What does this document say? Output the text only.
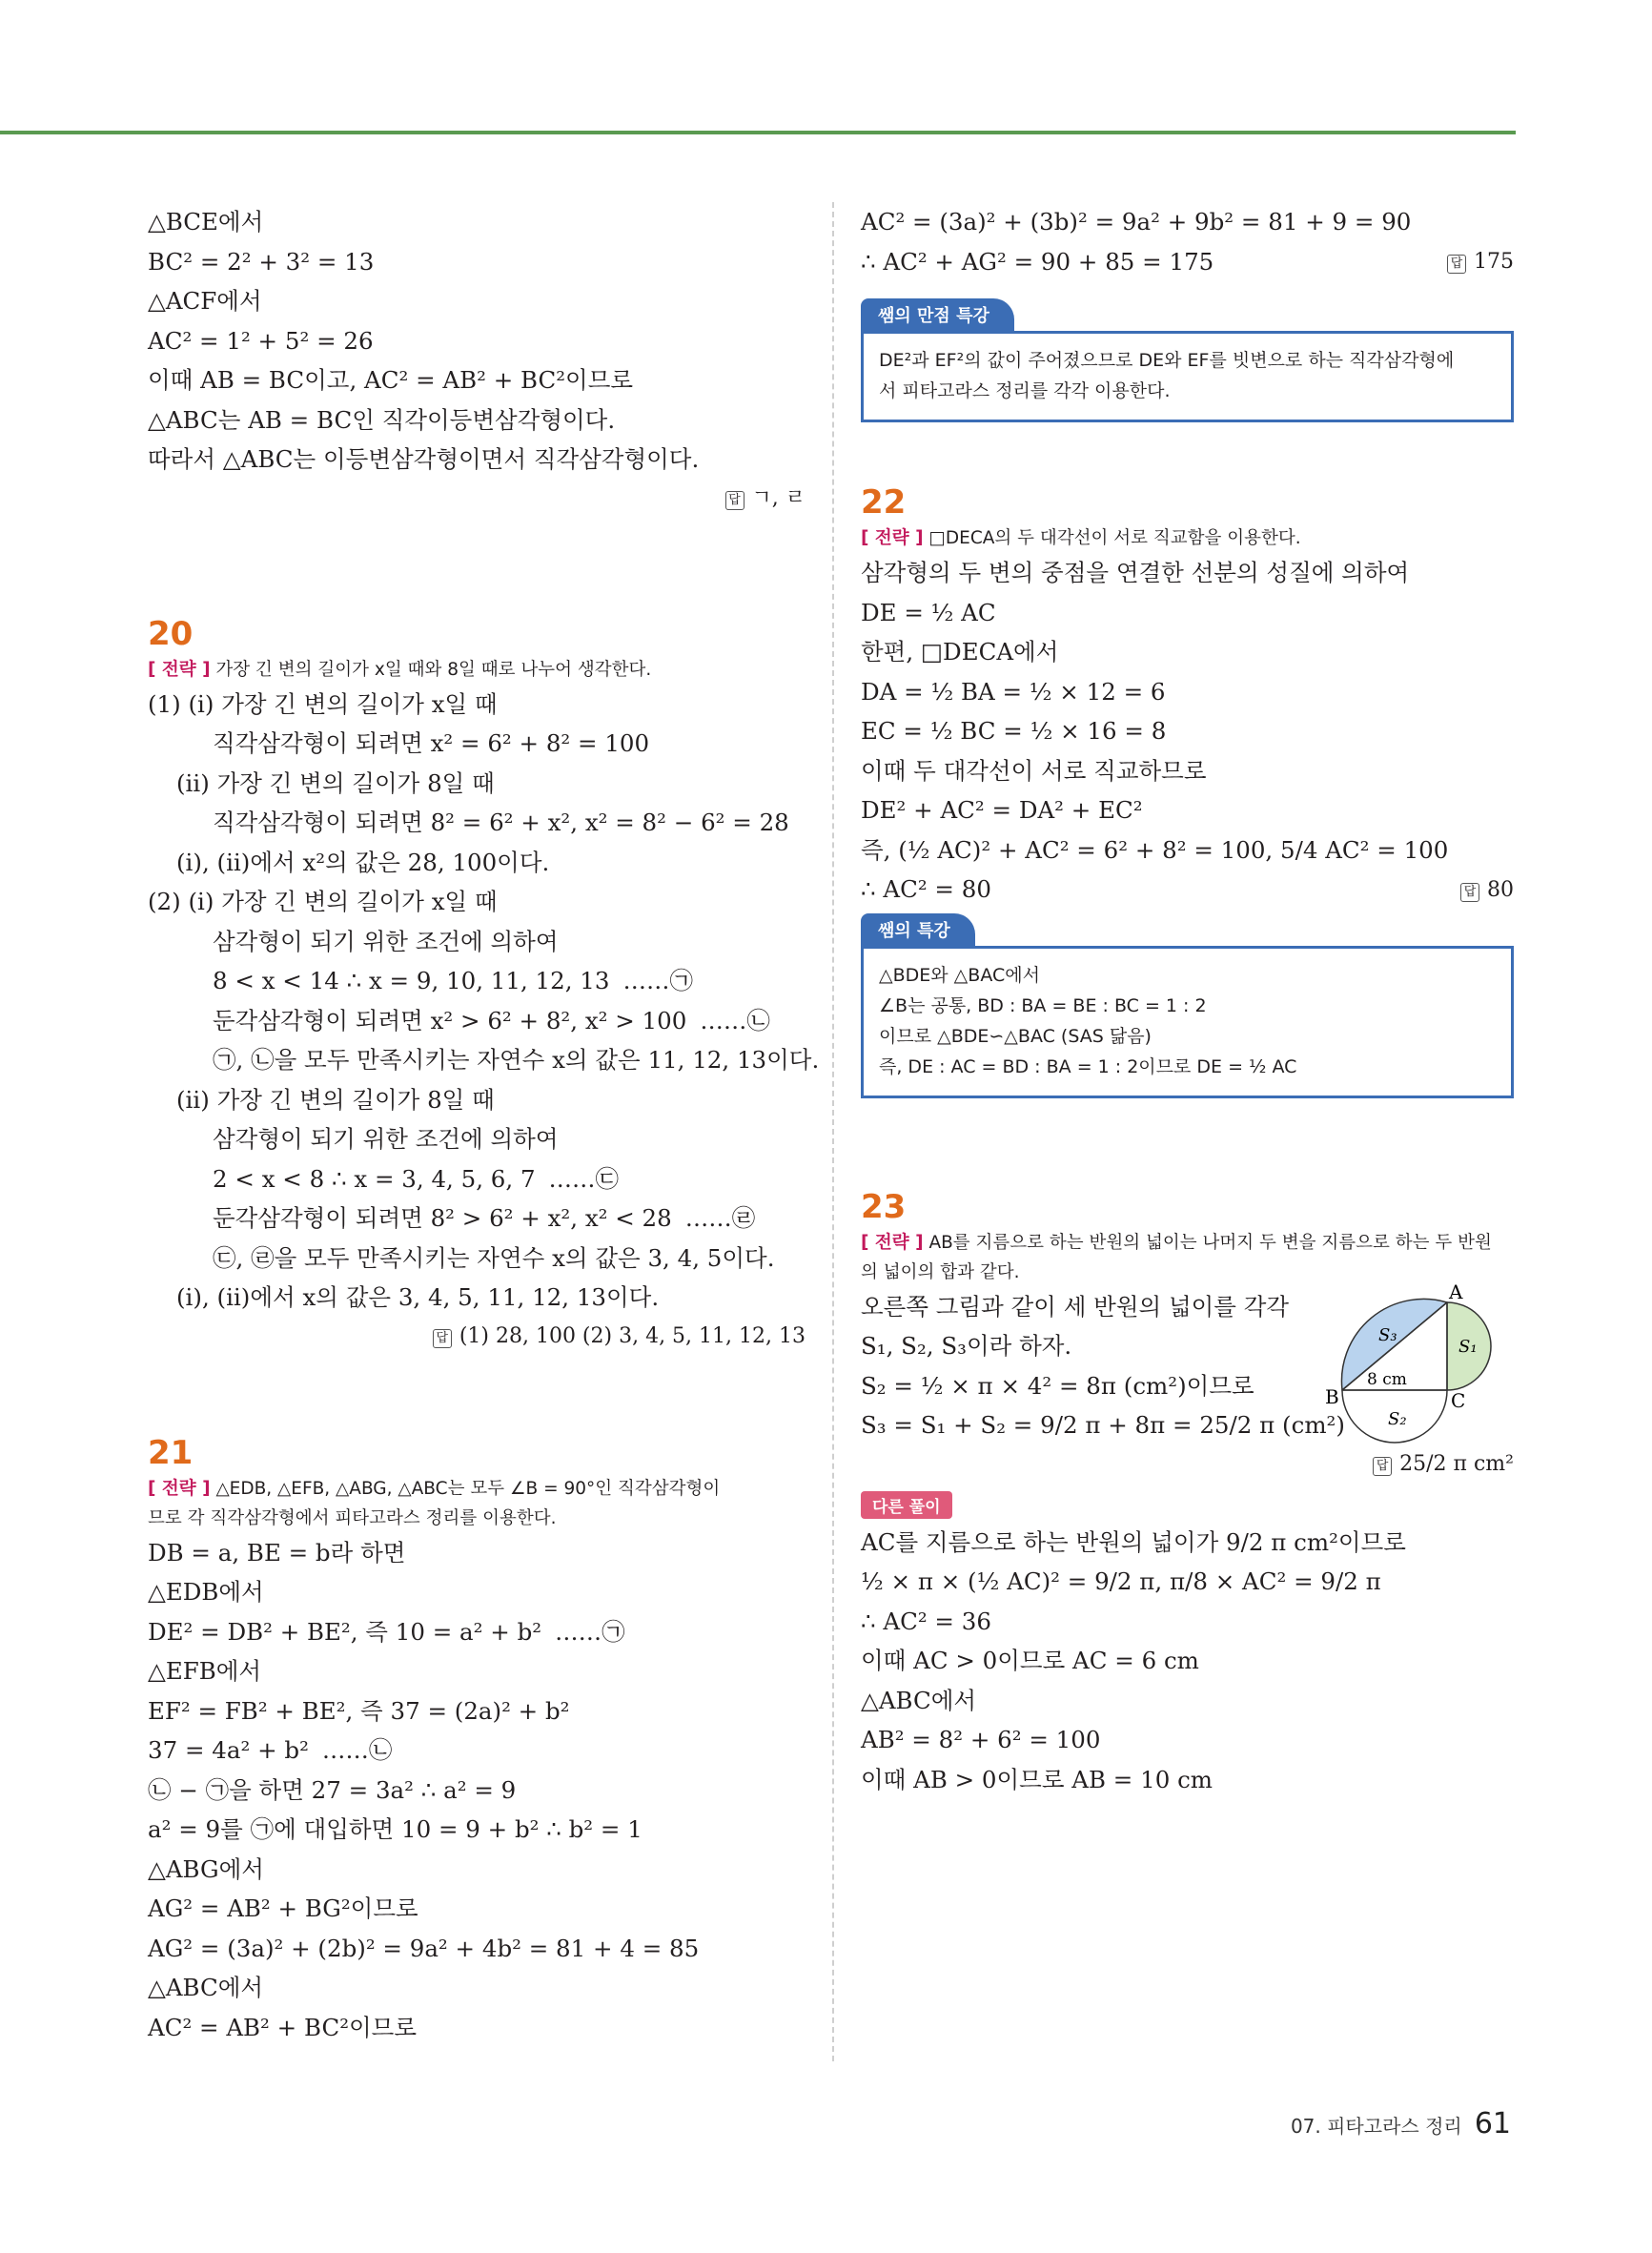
△BCE에서
BC² = 2² + 3² = 13
△ACF에서
AC² = 1² + 5² = 26
이때 AB = BC이고, AC² = AB² + BC²이므로
△ABC는 AB = BC인 직각이등변삼각형이다.
따라서 △ABC는 이등변삼각형이면서 직각삼각형이다.
답 ㄱ, ㄹ
20
[ 전략 ] 가장 긴 변의 길이가 x일 때와 8일 때로 나누어 생각한다.
(1) (ⅰ) 가장 긴 변의 길이가 x일 때
직각삼각형이 되려면 x² = 6² + 8² = 100
(ⅱ) 가장 긴 변의 길이가 8일 때
직각삼각형이 되려면 8² = 6² + x², x² = 8² − 6² = 28
(ⅰ), (ⅱ)에서 x²의 값은 28, 100이다.
(2) (ⅰ) 가장 긴 변의 길이가 x일 때
삼각형이 되기 위한 조건에 의하여
8 < x < 14 ∴ x = 9, 10, 11, 12, 13 ……㉠
둔각삼각형이 되려면 x² > 6² + 8², x² > 100 ……㉡
㉠, ㉡을 모두 만족시키는 자연수 x의 값은 11, 12, 13이다.
(ⅱ) 가장 긴 변의 길이가 8일 때
삼각형이 되기 위한 조건에 의하여
2 < x < 8 ∴ x = 3, 4, 5, 6, 7 ……㉢
둔각삼각형이 되려면 8² > 6² + x², x² < 28 ……㉣
㉢, ㉣을 모두 만족시키는 자연수 x의 값은 3, 4, 5이다.
(ⅰ), (ⅱ)에서 x의 값은 3, 4, 5, 11, 12, 13이다.
답 (1) 28, 100 (2) 3, 4, 5, 11, 12, 13
21
[ 전략 ] △EDB, △EFB, △ABG, △ABC는 모두 ∠B = 90°인 직각삼각형이
므로 각 직각삼각형에서 피타고라스 정리를 이용한다.
DB = a, BE = b라 하면
△EDB에서
DE² = DB² + BE², 즉 10 = a² + b² ……㉠
△EFB에서
EF² = FB² + BE², 즉 37 = (2a)² + b²
37 = 4a² + b² ……㉡
㉡ − ㉠을 하면 27 = 3a² ∴ a² = 9
a² = 9를 ㉠에 대입하면 10 = 9 + b² ∴ b² = 1
△ABG에서
AG² = AB² + BG²이므로
AG² = (3a)² + (2b)² = 9a² + 4b² = 81 + 4 = 85
△ABC에서
AC² = AB² + BC²이므로
AC² = (3a)² + (3b)² = 9a² + 9b² = 81 + 9 = 90
∴ AC² + AG² = 90 + 85 = 175	답 175
쌤의 만점 특강
DE²과 EF²의 값이 주어졌으므로 DE와 EF를 빗변으로 하는 직각삼각형에
서 피타고라스 정리를 각각 이용한다.
22
[ 전략 ] □DECA의 두 대각선이 서로 직교함을 이용한다.
삼각형의 두 변의 중점을 연결한 선분의 성질에 의하여
DE = ½ AC
한편, □DECA에서
DA = ½ BA = ½ × 12 = 6
EC = ½ BC = ½ × 16 = 8
이때 두 대각선이 서로 직교하므로
DE² + AC² = DA² + EC²
즉, (½ AC)² + AC² = 6² + 8² = 100, 5/4 AC² = 100
∴ AC² = 80	답 80
쌤의 특강
△BDE와 △BAC에서
∠B는 공통, BD : BA = BE : BC = 1 : 2
이므로 △BDE∽△BAC (SAS 닮음)
즉, DE : AC = BD : BA = 1 : 2이므로 DE = ½ AC
23
[ 전략 ] AB를 지름으로 하는 반원의 넓이는 나머지 두 변을 지름으로 하는 두 반원
의 넓이의 합과 같다.
오른쪽 그림과 같이 세 반원의 넓이를 각각
S₁, S₂, S₃이라 하자.
S₂ = ½ × π × 4² = 8π (cm²)이므로
S₃ = S₁ + S₂ = 9/2 π + 8π = 25/2 π (cm²)
A
B	C
S₃
S₁
S₂
8 cm
답 25/2 π cm²
다른 풀이
AC를 지름으로 하는 반원의 넓이가 9/2 π cm²이므로
½ × π × (½ AC)² = 9/2 π, π/8 × AC² = 9/2 π
∴ AC² = 36
이때 AC > 0이므로 AC = 6 cm
△ABC에서
AB² = 8² + 6² = 100
이때 AB > 0이므로 AB = 10 cm
07. 피타고라스 정리 61
